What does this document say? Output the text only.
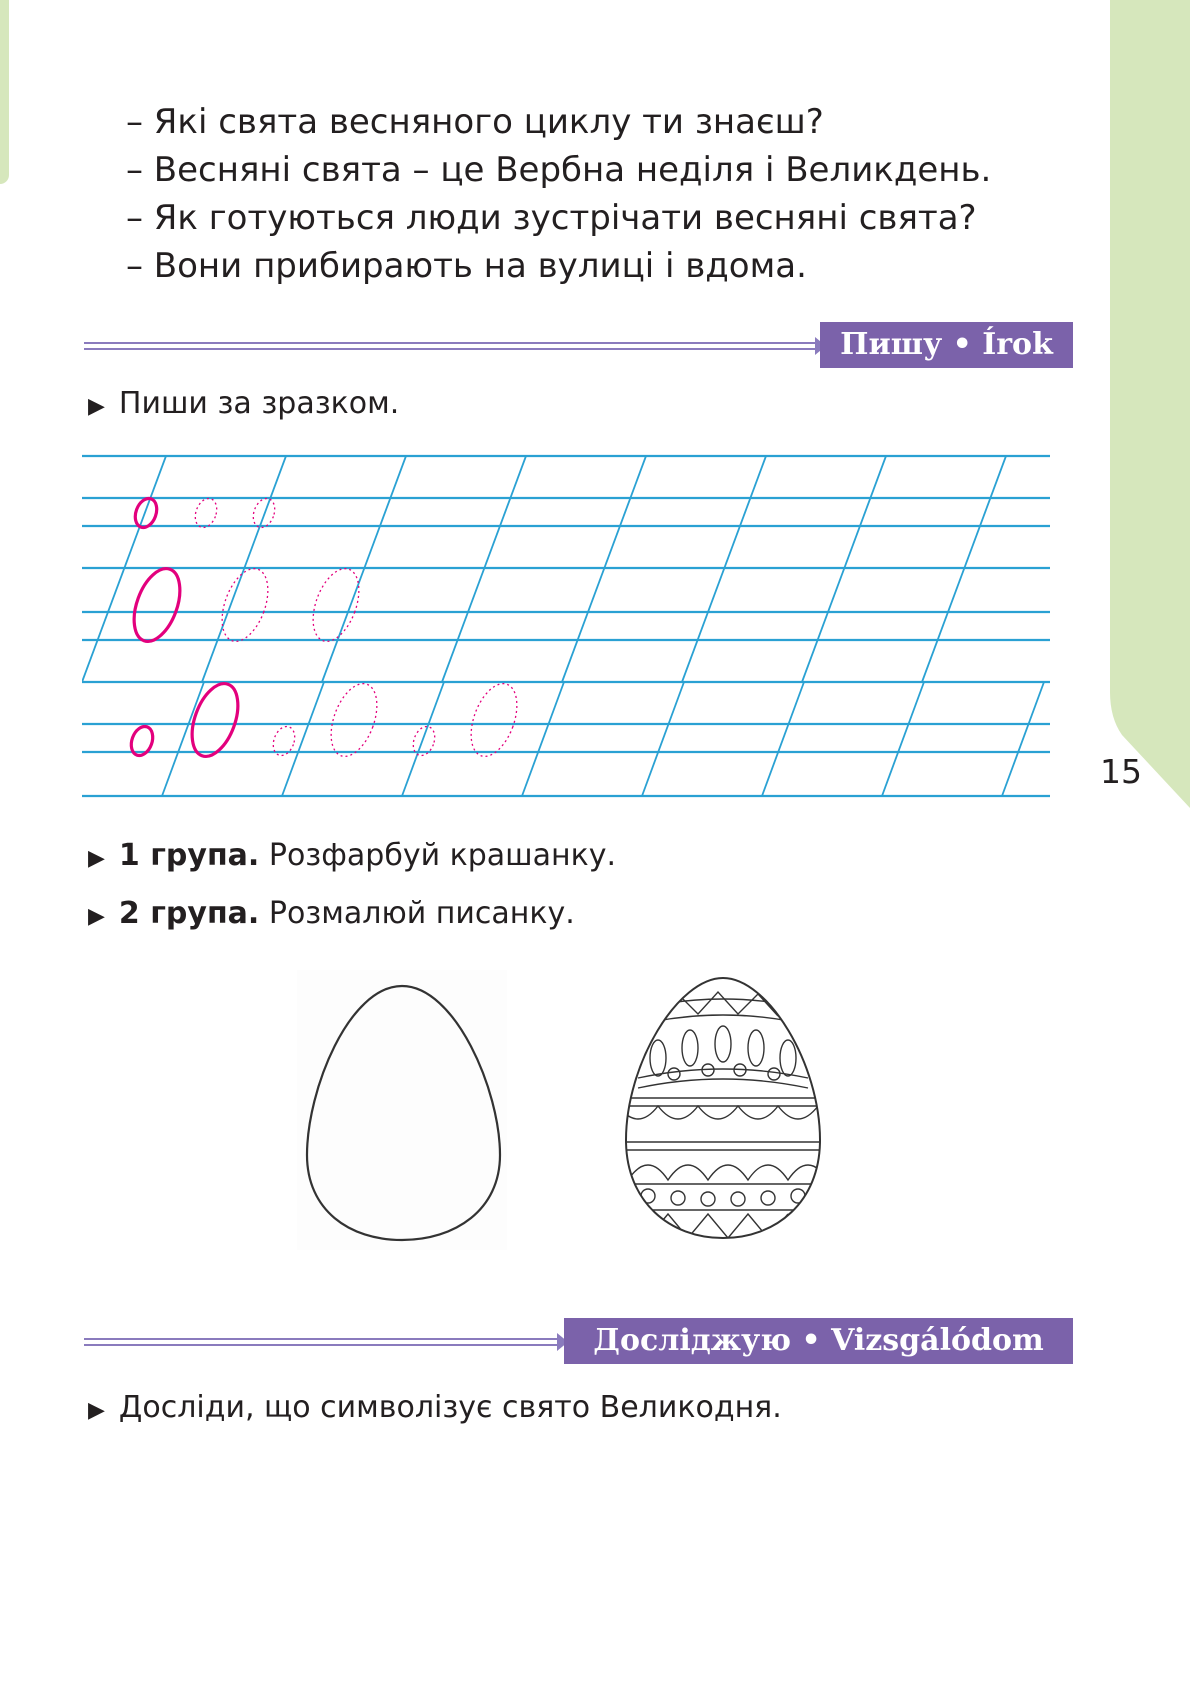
15
– Які свята весняного циклу ти знаєш?
– Весняні свята – це Вербна неділя і Великдень.
– Як готуються люди зустрічати весняні свята?
– Вони прибирають на вулиці і вдома.
Пишу • Írok
▶ Пиши за зразком.
▶ 1 група. Розфарбуй крашанку.
▶ 2 група. Розмалюй писанку.
Досліджую • Vizsgálódom
▶ Досліди, що символізує свято Великодня.
